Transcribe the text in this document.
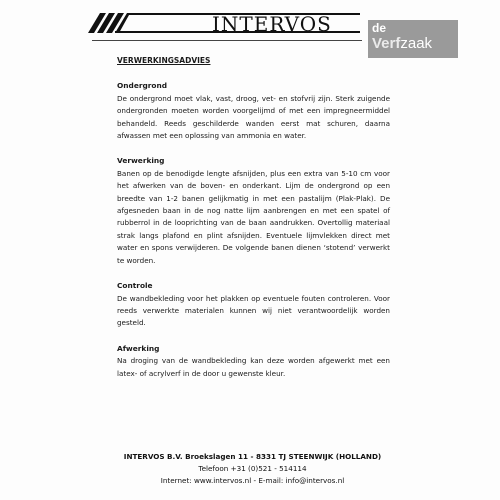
INTERVOS	de
Verfzaak

VERWERKINGSADVIES

Ondergrond

De ondergrond moet vlak, vast, droog, vet- en stofvrij zijn. Sterk zuigende ondergronden moeten worden voorgelijmd of met een impregneermiddel behandeld. Reeds geschilderde wanden eerst mat schuren, daarna afwassen met een oplossing van ammonia en water.

Verwerking

Banen op de benodigde lengte afsnijden, plus een extra van 5-10 cm voor het afwerken van de boven- en onderkant. Lijm de ondergrond op een breedte van 1-2 banen gelijkmatig in met een pastalijm (Plak-Plak). De afgesneden baan in de nog natte lijm aanbrengen en met een spatel of rubberrol in de looprichting van de baan aandrukken. Overtollig materiaal strak langs plafond en plint afsnijden. Eventuele lijmvlekken direct met water en spons verwijderen. De volgende banen dienen ‘stotend’ verwerkt te worden.

Controle

De wandbekleding voor het plakken op eventuele fouten controleren. Voor reeds verwerkte materialen kunnen wij niet verantwoordelijk worden gesteld.

Afwerking

Na droging van de wandbekleding kan deze worden afgewerkt met een latex- of acrylverf in de door u gewenste kleur.

INTERVOS B.V. Broekslagen 11 - 8331 TJ STEENWIJK (HOLLAND)
Telefoon +31 (0)521 - 514114
Internet: www.intervos.nl - E-mail: info@intervos.nl
